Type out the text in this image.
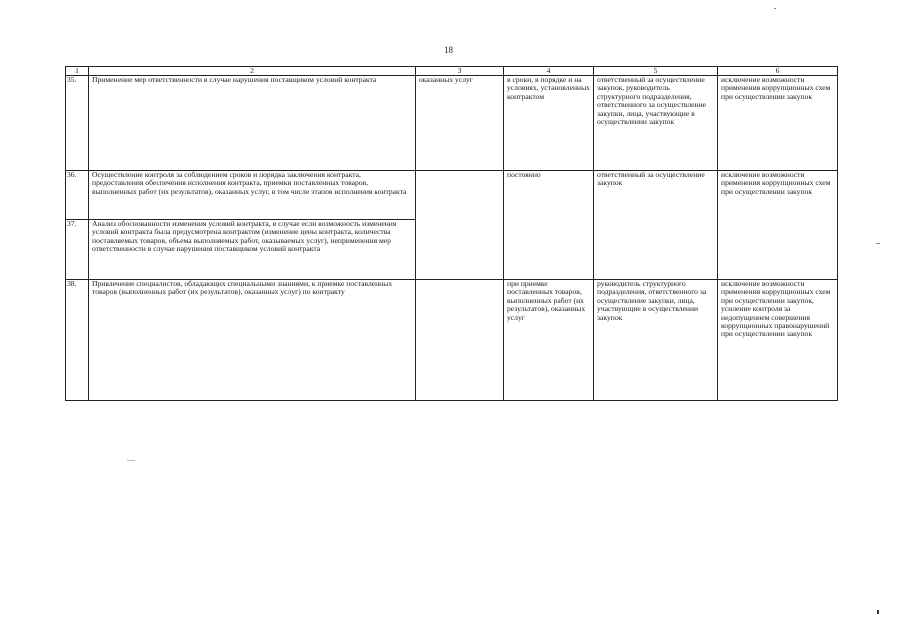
18
1	2	3	4	5	6
35.	Применение мер ответственности в случае нарушения поставщиком условий контракта	оказанных услуг	в сроки, в порядке и на условиях, установленных контрактом	ответственный за осуществление закупок, руководитель структурного подразделения, ответственного за осуществление закупки, лица, участвующие в осуществлении закупок	исключение возможности применения коррупционных схем при осуществлении закупок
36.	Осуществление контроля за соблюдением сроков и порядка заключения контракта, предоставления обеспечения исполнения контракта, приемки поставленных товаров, выполненных работ (их результатов), оказанных услуг, в том числе этапов исполнения контракта		постоянно	ответственный за осуществление закупок	исключение возможности применения коррупционных схем при осуществлении закупок
37.	Анализ обоснованности изменения условий контракта, в случае если возможность изменения условий контракта была предусмотрена контрактом (изменение цены контракта, количества поставляемых товаров, объема выполняемых работ, оказываемых услуг), неприменения мер ответственности в случае нарушения поставщиком условий контракта				
38.	Привлечение специалистов, обладающих специальными знаниями, к приемке поставленных товаров (выполненных работ (их результатов), оказанных услуг) по контракту		при приемке поставленных товаров, выполненных работ (их результатов), оказанных услуг	руководитель структурного подразделения, ответственного за осуществление закупки, лица, участвующие в осуществлении закупок	исключение возможности применения коррупционных схем при осуществлении закупок, усиление контроля за недопущением совершения коррупционных правонарушений при осуществлении закупок
